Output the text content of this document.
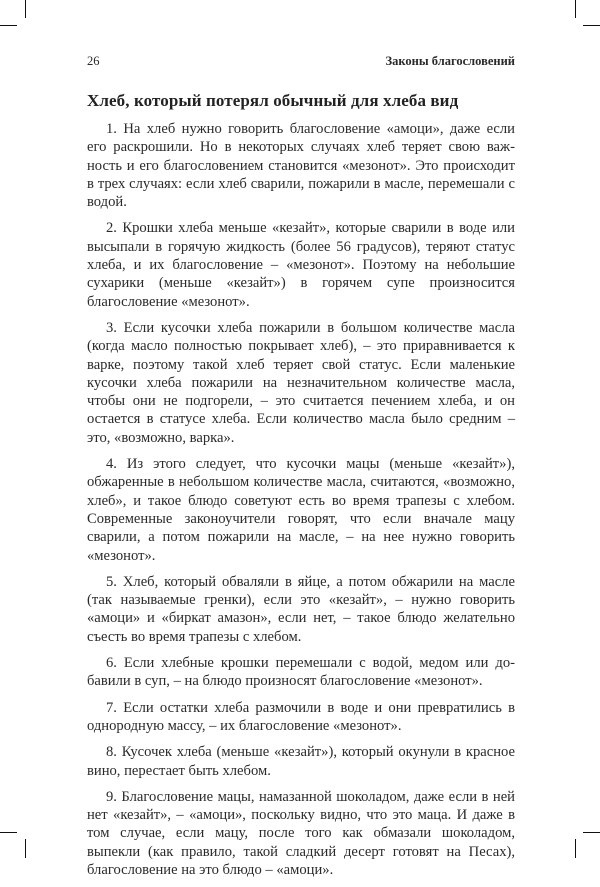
26	Законы благословений
Хлеб, который потерял обычный для хлеба вид

1. На хлеб нужно говорить благословение «амоци», даже если его раскрошили. Но в некоторых случаях хлеб теряет свою важность и его благословением становится «мезонот». Это происходит в трех случаях: если хлеб сварили, пожарили в масле, перемешали с водой.

2. Крошки хлеба меньше «кезайт», которые сварили в воде или высыпали в горячую жидкость (более 56 градусов), теряют статус хлеба, и их благословение – «мезонот». Поэтому на небольшие сухарики (меньше «кезайт») в горячем супе произносится благословение «мезонот».

3. Если кусочки хлеба пожарили в большом количестве масла (когда масло полностью покрывает хлеб), – это приравнивается к варке, поэтому такой хлеб теряет свой статус. Если маленькие кусочки хлеба пожарили на незначительном количестве масла, чтобы они не подгорели, – это считается печением хлеба, и он остается в статусе хлеба. Если количество масла было средним – это, «возможно, варка».

4. Из этого следует, что кусочки мацы (меньше «кезайт»), обжаренные в небольшом количестве масла, считаются, «возможно, хлеб», и такое блюдо советуют есть во время трапезы с хлебом. Современные законоучители говорят, что если вначале мацу сварили, а потом пожарили на масле, – на нее нужно говорить «мезонот».

5. Хлеб, который обваляли в яйце, а потом обжарили на масле (так называемые гренки), если это «кезайт», – нужно говорить «амоци» и «биркат амазон», если нет, – такое блюдо желательно съесть во время трапезы с хлебом.

6. Если хлебные крошки перемешали с водой, медом или добавили в суп, – на блюдо произносят благословение «мезонот».

7. Если остатки хлеба размочили в воде и они превратились в однородную массу, – их благословение «мезонот».

8. Кусочек хлеба (меньше «кезайт»), который окунули в красное вино, перестает быть хлебом.

9. Благословение мацы, намазанной шоколадом, даже если в ней нет «кезайт», – «амоци», поскольку видно, что это маца. И даже в том случае, если мацу, после того как обмазали шоколадом, выпекли (как правило, такой сладкий десерт готовят на Песах), благословение на это блюдо – «амоци».
